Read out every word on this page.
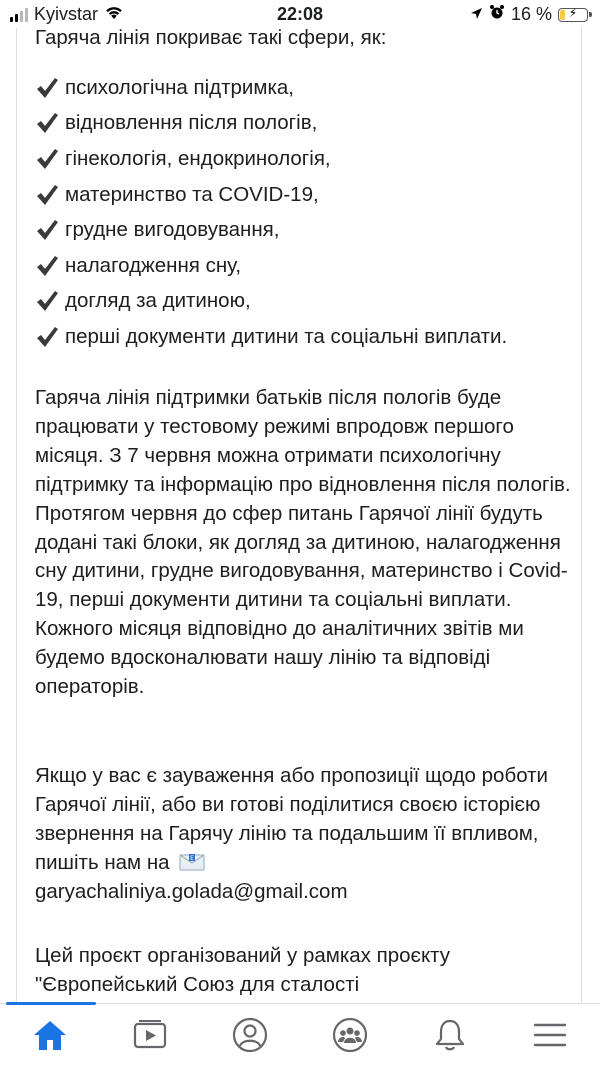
Kyivstar	22:08	16 %	⚡
Гаряча лінія покриває такі сфери, як:
психологічна підтримка,
відновлення після пологів,
гінекологія, ендокринологія,
материнство та COVID-19,
грудне вигодовування,
налагодження сну,
догляд за дитиною,
перші документи дитини та соціальні виплати.
Гаряча лінія підтримки батьків після пологів буде працювати у тестовому режимі впродовж першого місяця. З 7 червня можна отримати психологічну підтримку та інформацію про відновлення після пологів. Протягом червня до сфер питань Гарячої лінії будуть додані такі блоки, як догляд за дитиною, налагодження сну дитини, грудне вигодовування, материнство і Covid-19, перші документи дитини та соціальні виплати. Кожного місяця відповідно до аналітичних звітів ми будемо вдосконалювати нашу лінію та відповіді операторів.
Якщо у вас є зауваження або пропозиції щодо роботи Гарячої лінії, або ви готові поділитися своєю історією звернення на Гарячу лінію та подальшим її впливом, пишіть нам на	E

garyachaliniya.golada@gmail.com
Цей проєкт організований у рамках проєкту "Європейський Союз для сталості
